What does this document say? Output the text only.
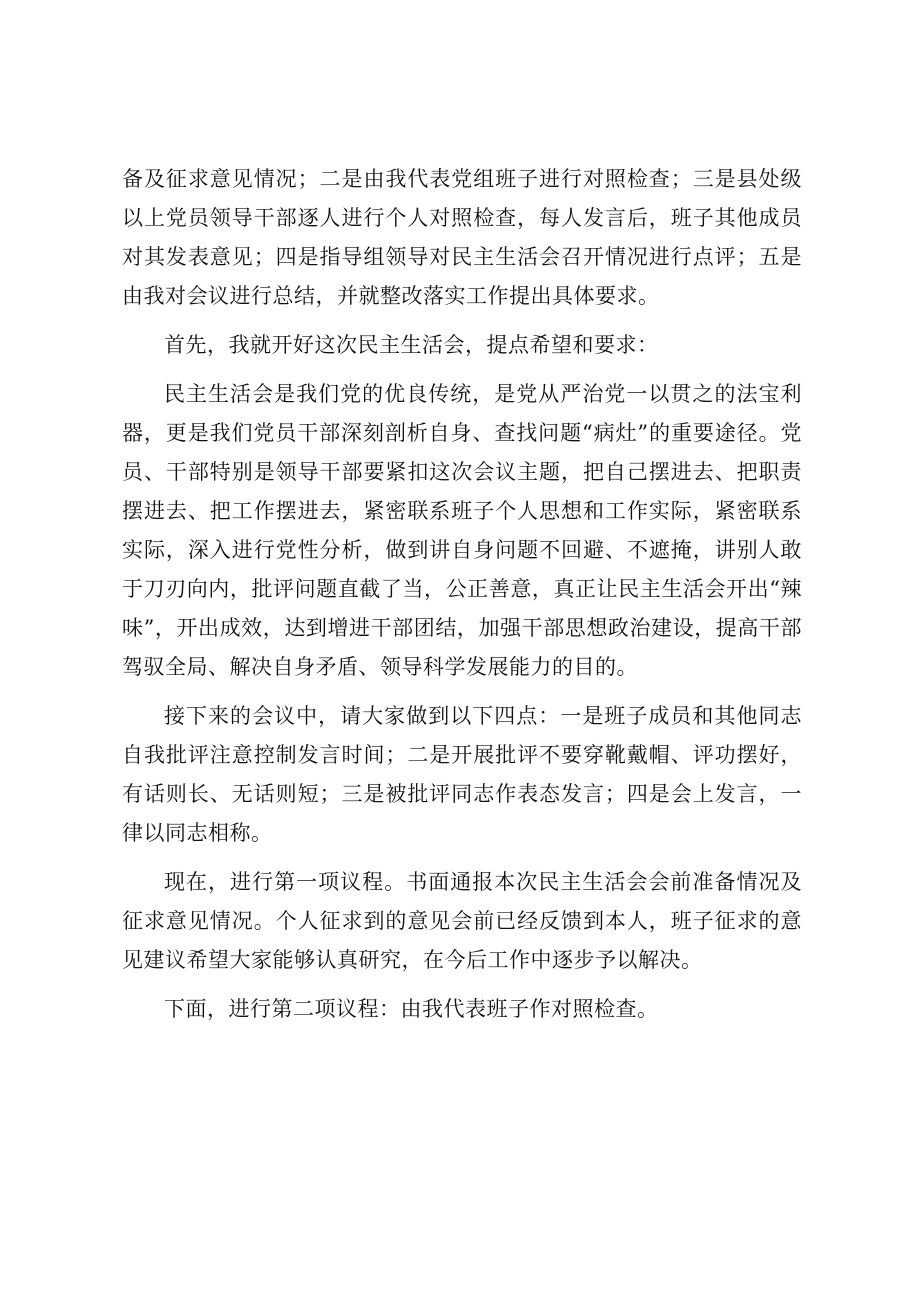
备及征求意见情况；二是由我代表党组班子进行对照检查；三是县处级以上党员领导干部逐人进行个人对照检查，每人发言后，班子其他成员对其发表意见；四是指导组领导对民主生活会召开情况进行点评；五是由我对会议进行总结，并就整改落实工作提出具体要求。

首先，我就开好这次民主生活会，提点希望和要求：

民主生活会是我们党的优良传统，是党从严治党一以贯之的法宝利器，更是我们党员干部深刻剖析自身、查找问题“病灶”的重要途径。党员、干部特别是领导干部要紧扣这次会议主题，把自己摆进去、把职责摆进去、把工作摆进去，紧密联系班子个人思想和工作实际，紧密联系实际，深入进行党性分析，做到讲自身问题不回避、不遮掩，讲别人敢于刀刃向内，批评问题直截了当，公正善意，真正让民主生活会开出“辣味”，开出成效，达到增进干部团结，加强干部思想政治建设，提高干部驾驭全局、解决自身矛盾、领导科学发展能力的目的。

接下来的会议中，请大家做到以下四点：一是班子成员和其他同志自我批评注意控制发言时间；二是开展批评不要穿靴戴帽、评功摆好，有话则长、无话则短；三是被批评同志作表态发言；四是会上发言，一律以同志相称。

现在，进行第一项议程。书面通报本次民主生活会会前准备情况及征求意见情况。个人征求到的意见会前已经反馈到本人，班子征求的意见建议希望大家能够认真研究，在今后工作中逐步予以解决。

下面，进行第二项议程：由我代表班子作对照检查。
